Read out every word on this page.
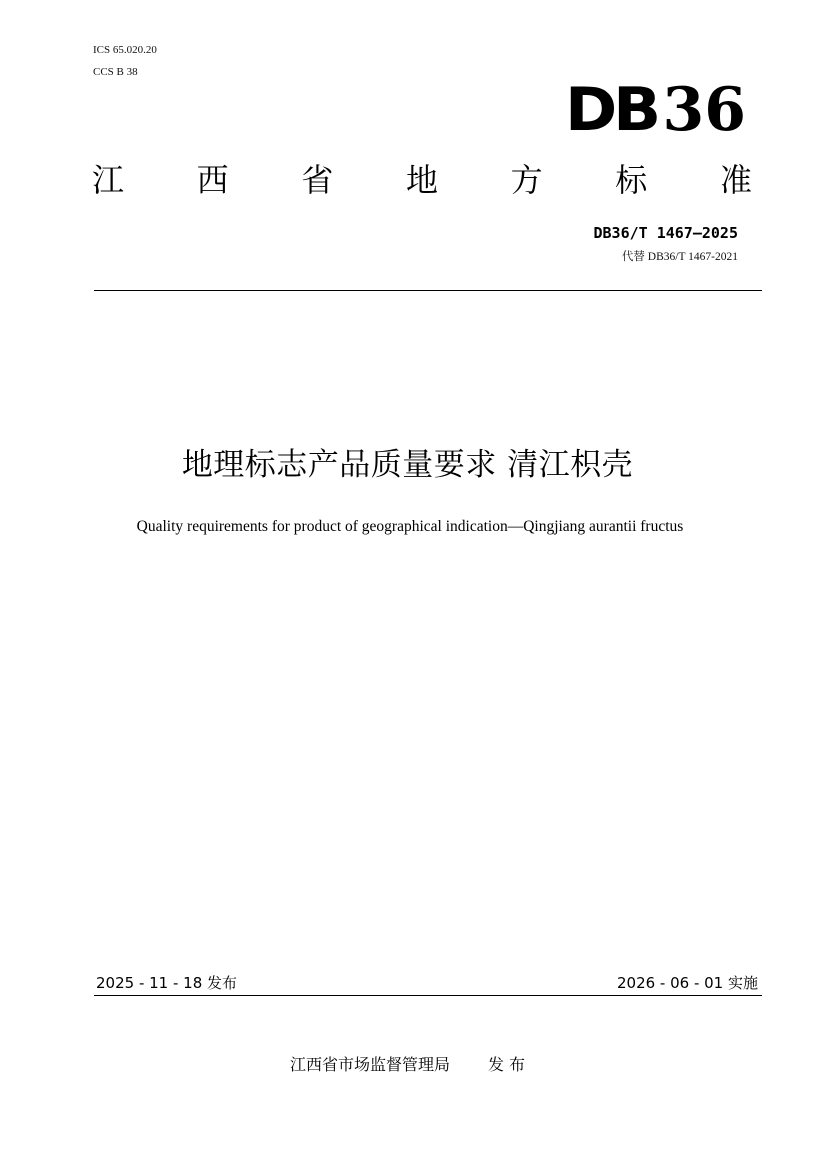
ICS 65.020.20
CCS B 38
DB36
江 西 省 地 方 标 准
DB36/T 1467—2025
代替 DB36/T 1467-2021
地理标志产品质量要求 清江枳壳
Quality requirements for product of geographical indication—Qingjiang aurantii fructus
2025 - 11 - 18 发布	2026 - 06 - 01 实施
江西省市场监督管理局 发 布
